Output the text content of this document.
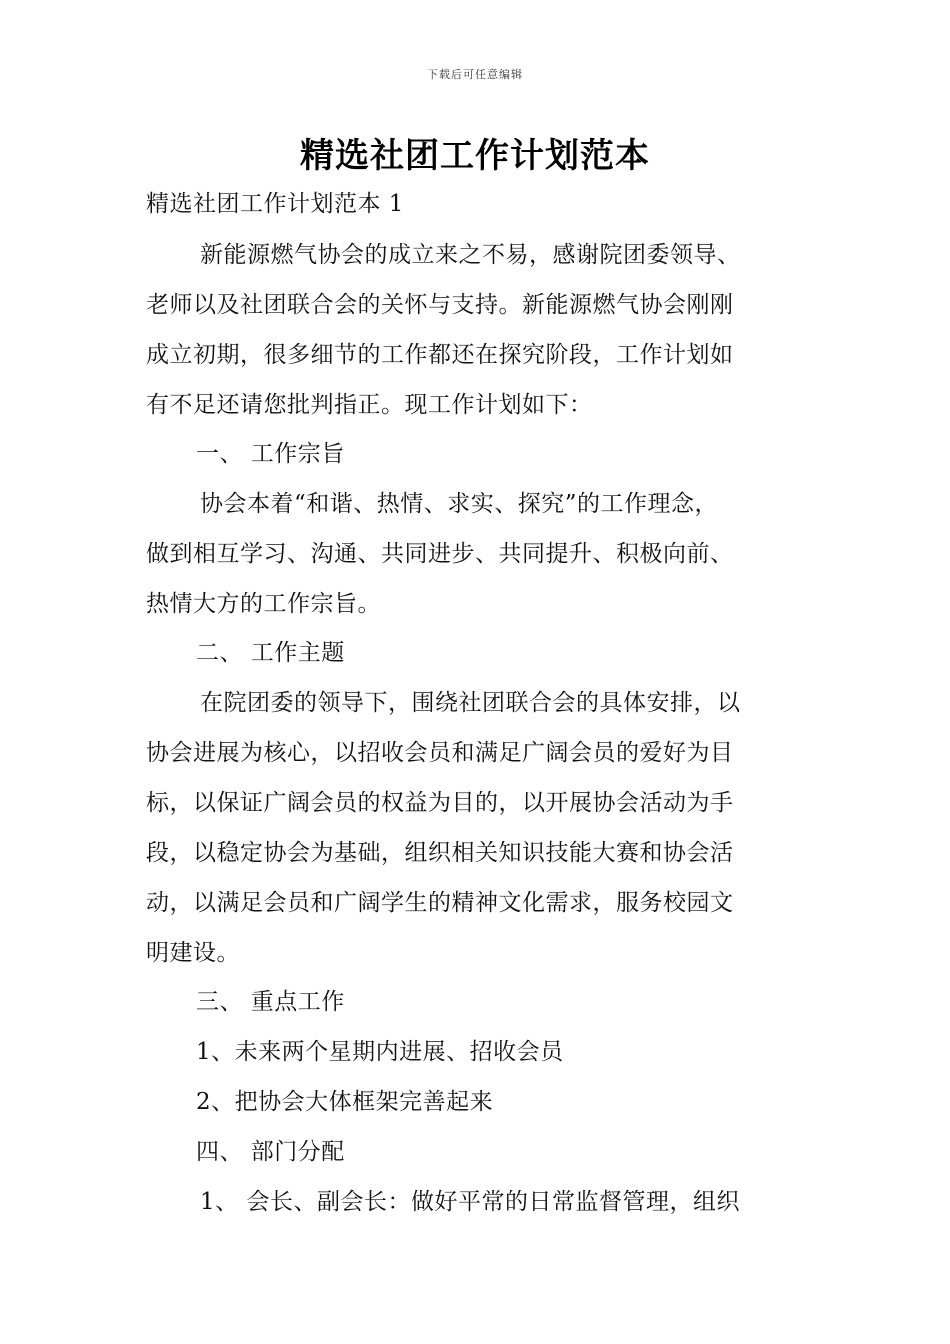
下载后可任意编辑
精选社团工作计划范本
精选社团工作计划范本 1
新能源燃气协会的成立来之不易，感谢院团委领导、
老师以及社团联合会的关怀与支持。新能源燃气协会刚刚
成立初期，很多细节的工作都还在探究阶段，工作计划如
有不足还请您批判指正。现工作计划如下：
一、 工作宗旨
协会本着“和谐、热情、求实、探究”的工作理念，
做到相互学习、沟通、共同进步、共同提升、积极向前、
热情大方的工作宗旨。
二、 工作主题
在院团委的领导下，围绕社团联合会的具体安排，以
协会进展为核心，以招收会员和满足广阔会员的爱好为目
标，以保证广阔会员的权益为目的，以开展协会活动为手
段，以稳定协会为基础，组织相关知识技能大赛和协会活
动，以满足会员和广阔学生的精神文化需求，服务校园文
明建设。
三、 重点工作
1、未来两个星期内进展、招收会员
2、把协会大体框架完善起来
四、 部门分配
1、 会长、副会长：做好平常的日常监督管理，组织
